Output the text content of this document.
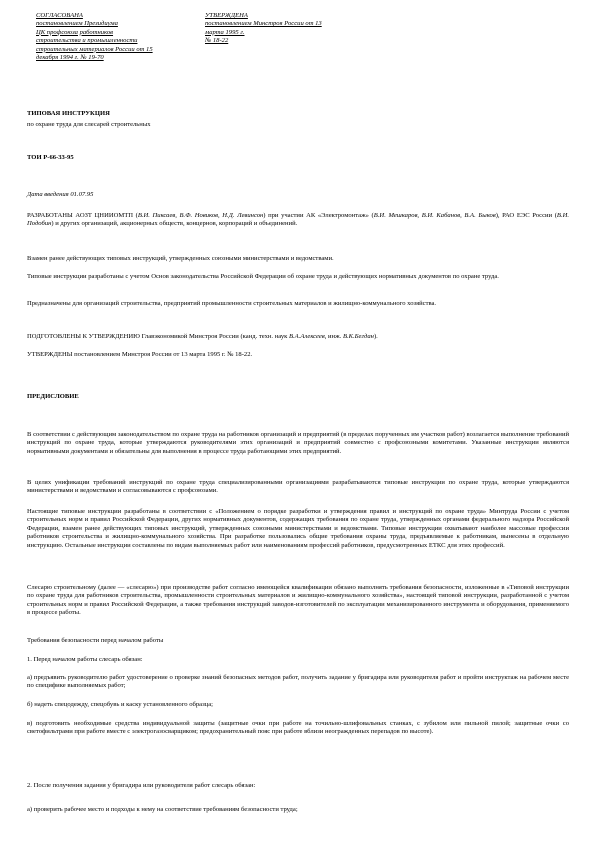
СОГЛАСОВАНА
постановлением Президиума
ЦК профсоюза работников
строительства и промышленности
строительных материалов России от 15
декабря 1994 г. № 19-70
УТВЕРЖДЕНА
постановлением Минстроя России от 13
марта 1995 г.
№ 18-22
ТИПОВАЯ ИНСТРУКЦИЯ
по охране труда для слесарей строительных
ТОИ Р-66-33-95
Дата введения 01.07.95

РАЗРАБОТАНЫ АОЗТ ЦНИИОМТП (В.И. Пиксаев, В.Ф. Новиков, Н.Д. Левинсон) при участии АК «Электромонтаж» (В.И. Мешкаров, В.И. Кабанов, В.А. Быков), РАО ЕЭС России (В.И. Подобин) и других организаций, акционерных обществ, концернов, корпораций и объединений.

Взамен ранее действующих типовых инструкций, утвержденных союзными министерствами и ведомствами.

Типовые инструкции разработаны с учетом Основ законодательства Российской Федерации об охране труда и действующих нормативных документов по охране труда.

Предназначены для организаций строительства, предприятий промышленности строительных материалов и жилищно-коммунального хозяйства.

ПОДГОТОВЛЕНЫ К УТВЕРЖДЕНИЮ Главэкономикой Минстроя России (канд. техн. наук В.А.Алексеев, инж. В.К.Бегдан).

УТВЕРЖДЕНЫ постановлением Минстроя России от 13 марта 1995 г. № 18-22.

ПРЕДИСЛОВИЕ

В соответствии с действующим законодательством по охране труда на работников организаций и предприятий (в пределах порученных им участков работ) возлагается выполнение требований инструкций по охране труда, которые утверждаются руководителями этих организаций и предприятий совместно с профсоюзными комитетами. Указанные инструкции являются нормативными документами и обязательны для выполнения в процессе труда работающими этих предприятий.

В целях унификации требований инструкций по охране труда специализированными организациями разрабатываются типовые инструкции по охране труда, которые утверждаются министерствами и ведомствами и согласовываются с профсоюзами.

Настоящие типовые инструкции разработаны в соответствии с «Положением о порядке разработки и утверждения правил и инструкций по охране труда» Минтруда России с учетом строительных норм и правил Российской Федерации, других нормативных документов, содержащих требования по охране труда, утвержденных органами федерального надзора Российской Федерации, взамен ранее действующих типовых инструкций, утвержденных союзными министерствами и ведомствами. Типовые инструкции охватывают наиболее массовые профессии работников строительства и жилищно-коммунального хозяйства. При разработке пользовались общие требования охраны труда, предъявляемые к работникам, вынесены в отдельную инструкцию. Остальные инструкции составлены по видам выполняемых работ или наименованиям профессий работников, предусмотренных ЕТКС для этих профессий.

Слесарю строительному (далее — «слесарю») при производстве работ согласно имеющейся квалификации обязано выполнять требования безопасности, изложенные в «Типовой инструкции по охране труда для работников строительства, промышленности строительных материалов и жилищно-коммунального хозяйства», настоящей типовой инструкции, разработанной с учетом строительных норм и правил Российской Федерации, а также требования инструкций заводов-изготовителей по эксплуатации механизированного инструмента и оборудования, применяемого в процессе работы.

Требования безопасности перед началом работы

1. Перед началом работы слесарь обязан:

а) предъявить руководителю работ удостоверение о проверке знаний безопасных методов работ, получить задание у бригадира или руководителя работ и пройти инструктаж на рабочем месте по специфике выполняемых работ;

б) надеть спецодежду, спецобувь и каску установленного образца;

в) подготовить необходимые средства индивидуальной защиты (защитные очки при работе на точильно-шлифовальных станках, с зубилом или пильной пилой; защитные очки со светофильтрами при работе вместе с электрогазосварщиком; предохранительный пояс при работе вблизи неогражденных перепадов по высоте).

2. После получения задания у бригадира или руководителя работ слесарь обязан:

а) проверить рабочее место и подходы к нему на соответствие требованиям безопасности труда;
